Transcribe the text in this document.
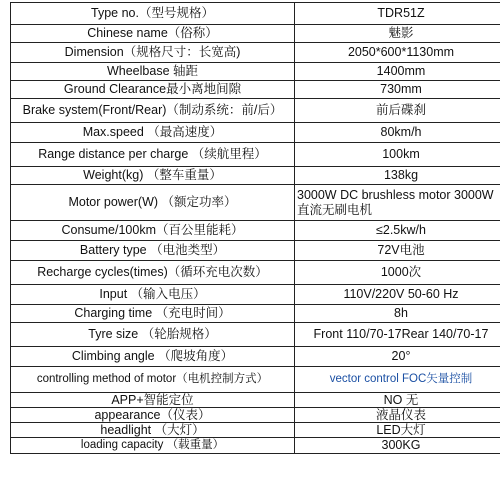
Type no.（型号规格）	TDR51Z
Chinese name（俗称）	魅影
Dimension（规格尺寸：长宽高)	2050*600*1130mm
Wheelbase 轴距	1400mm
Ground Clearance最小离地间隙	730mm
Brake system(Front/Rear)（制动系统：前/后）	前后碟刹
Max.speed （最高速度）	80km/h
Range distance per charge （续航里程）	100km
Weight(kg) （整车重量）	138kg
Motor power(W) （额定功率）	3000W DC brushless motor 3000W直流无刷电机
Consume/100km（百公里能耗）	≤2.5kw/h
Battery type （电池类型）	72V电池
Recharge cycles(times)（循环充电次数）	1000次
Input （输入电压）	110V/220V 50-60 Hz
Charging time （充电时间）	8h
Tyre size （轮胎规格）	Front 110/70-17Rear 140/70-17
Climbing angle （爬坡角度）	20°
controlling method of motor（电机控制方式）	vector control FOC矢量控制
APP+智能定位	NO 无
appearance（仪表）	液晶仪表
headlight （大灯）	LED大灯
loading capacity （载重量）	300KG
